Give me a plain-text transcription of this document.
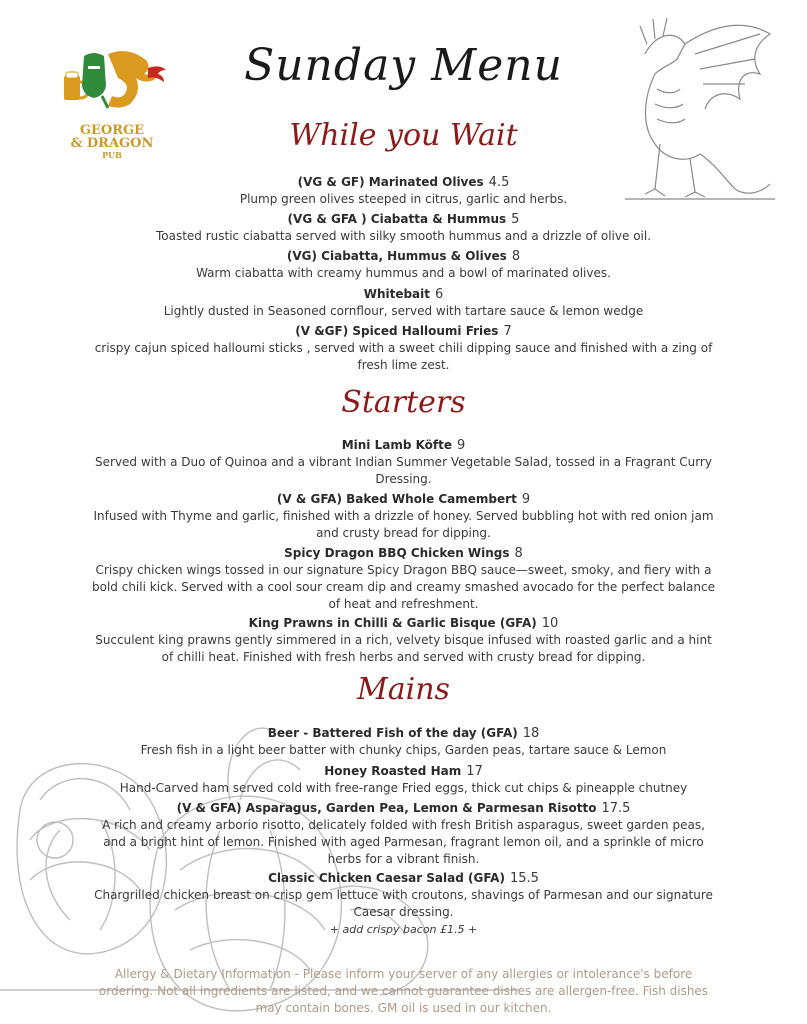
GEORGE
& DRAGON
PUB
Sunday Menu
While you Wait
Starters
Mains
(VG & GF) Marinated Olives 4.5
Plump green olives steeped in citrus, garlic and herbs.
(VG & GFA ) Ciabatta & Hummus 5
Toasted rustic ciabatta served with silky smooth hummus and a drizzle of olive oil.
(VG) Ciabatta, Hummus & Olives 8
Warm ciabatta with creamy hummus and a bowl of marinated olives.
Whitebait 6
Lightly dusted in Seasoned cornflour, served with tartare sauce & lemon wedge
(V &GF) Spiced Halloumi Fries 7
crispy cajun spiced halloumi sticks , served with a sweet chili dipping sauce and finished with a zing of fresh lime zest.
Mini Lamb Köfte 9
Served with a Duo of Quinoa and a vibrant Indian Summer Vegetable Salad, tossed in a Fragrant Curry Dressing.
(V & GFA) Baked Whole Camembert 9
Infused with Thyme and garlic, finished with a drizzle of honey. Served bubbling hot with red onion jam and crusty bread for dipping.
Spicy Dragon BBQ Chicken Wings 8
Crispy chicken wings tossed in our signature Spicy Dragon BBQ sauce—sweet, smoky, and fiery with a bold chili kick. Served with a cool sour cream dip and creamy smashed avocado for the perfect balance of heat and refreshment.
King Prawns in Chilli & Garlic Bisque (GFA) 10
Succulent king prawns gently simmered in a rich, velvety bisque infused with roasted garlic and a hint of chilli heat. Finished with fresh herbs and served with crusty bread for dipping.
Beer - Battered Fish of the day (GFA) 18
Fresh fish in a light beer batter with chunky chips, Garden peas, tartare sauce & Lemon
Honey Roasted Ham 17
Hand-Carved ham served cold with free-range Fried eggs, thick cut chips & pineapple chutney
(V & GFA) Asparagus, Garden Pea, Lemon & Parmesan Risotto 17.5
A rich and creamy arborio risotto, delicately folded with fresh British asparagus, sweet garden peas, and a bright hint of lemon. Finished with aged Parmesan, fragrant lemon oil, and a sprinkle of micro herbs for a vibrant finish.
Classic Chicken Caesar Salad (GFA) 15.5
Chargrilled chicken breast on crisp gem lettuce with croutons, shavings of Parmesan and our signature Caesar dressing.
+ add crispy bacon £1.5 +
Allergy & Dietary Information - Please inform your server of any allergies or intolerance's before ordering. Not all ingredients are listed, and we cannot guarantee dishes are allergen-free. Fish dishes may contain bones. GM oil is used in our kitchen.
